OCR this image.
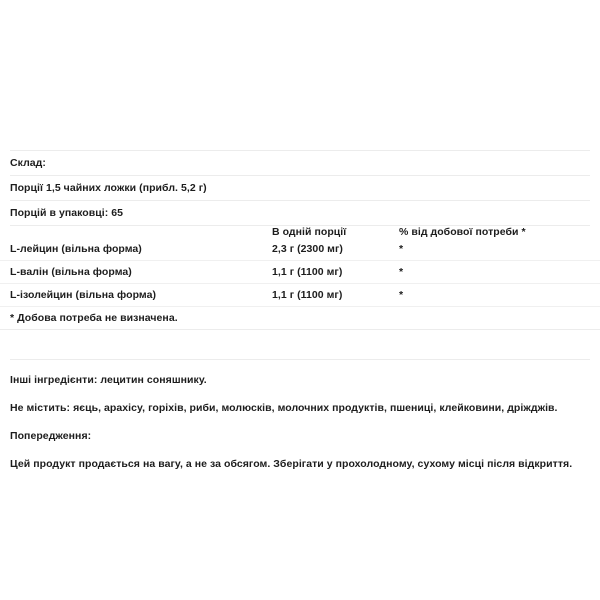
Склад:
Порції 1,5 чайних ложки (прибл. 5,2 г)
Порцій в упаковці: 65
	В одній порції	% від добової потреби *
L-лейцин (вільна форма)	2,3 г (2300 мг)	*
L-валін (вільна форма)	1,1 г (1100 мг)	*
L-ізолейцин (вільна форма)	1,1 г (1100 мг)	*
* Добова потреба не визначена.		
Інші інгредієнти: лецитин соняшнику.
Не містить: яєць, арахісу, горіхів, риби, молюсків, молочних продуктів, пшениці, клейковини, дріжджів.
Попередження:
Цей продукт продається на вагу, а не за обсягом. Зберігати у прохолодному, сухому місці після відкриття.
